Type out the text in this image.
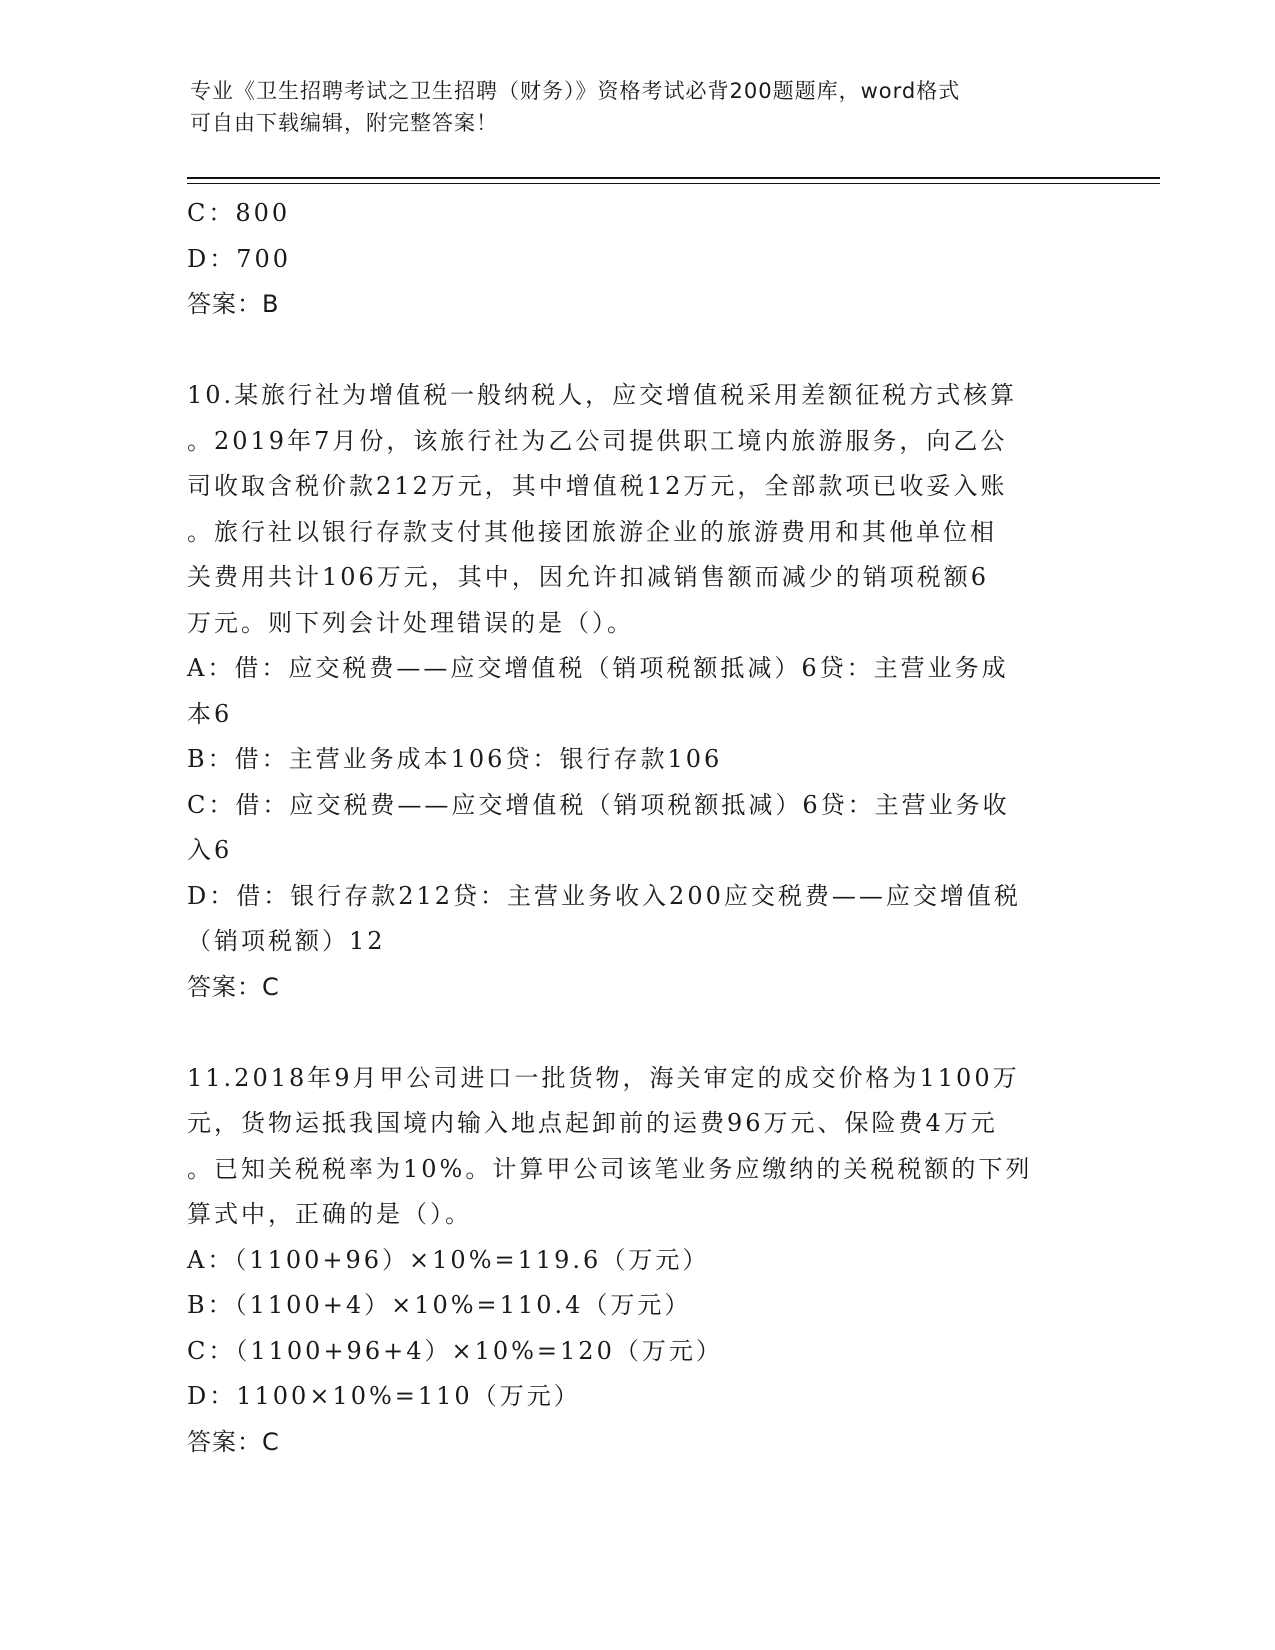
专业《卫生招聘考试之卫生招聘（财务）》资格考试必背200题题库，word格式
可自由下载编辑，附完整答案！
C：800
D：700
答案：B
10.某旅行社为增值税一般纳税人，应交增值税采用差额征税方式核算
。2019年7月份，该旅行社为乙公司提供职工境内旅游服务，向乙公
司收取含税价款212万元，其中增值税12万元，全部款项已收妥入账
。旅行社以银行存款支付其他接团旅游企业的旅游费用和其他单位相
关费用共计106万元，其中，因允许扣减销售额而减少的销项税额6
万元。则下列会计处理错误的是（）。
A：借：应交税费——应交增值税（销项税额抵减）6贷：主营业务成
本6
B：借：主营业务成本106贷：银行存款106
C：借：应交税费——应交增值税（销项税额抵减）6贷：主营业务收
入6
D：借：银行存款212贷：主营业务收入200应交税费——应交增值税
（销项税额）12
答案：C
11.2018年9月甲公司进口一批货物，海关审定的成交价格为1100万
元，货物运抵我国境内输入地点起卸前的运费96万元、保险费4万元
。已知关税税率为10%。计算甲公司该笔业务应缴纳的关税税额的下列
算式中，正确的是（）。
A：（1100+96）×10%=119.6（万元）
B：（1100+4）×10%=110.4（万元）
C：（1100+96+4）×10%=120（万元）
D：1100×10%=110（万元）
答案：C
